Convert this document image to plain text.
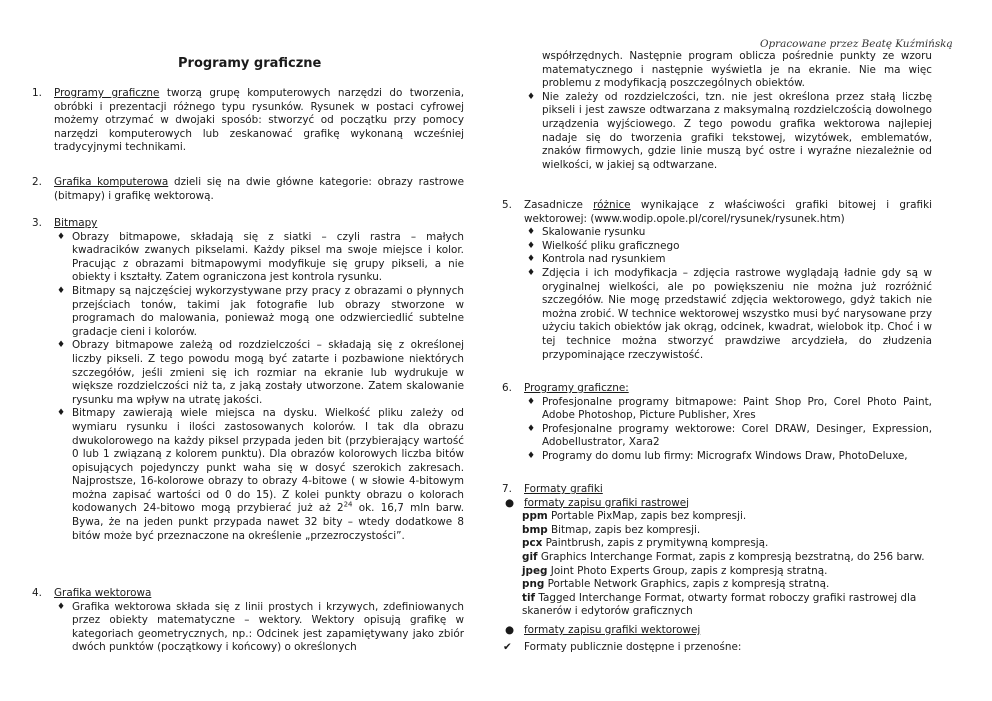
Opracowane przez Beatę Kuźmińską
Programy graficzne
1. Programy graficzne tworzą grupę komputerowych narzędzi do tworzenia, obróbki i prezentacji różnego typu rysunków. Rysunek w postaci cyfrowej możemy otrzymać w dwojaki sposób: stworzyć od początku przy pomocy narzędzi komputerowych lub zeskanować grafikę wykonaną wcześniej tradycyjnymi technikami.
2. Grafika komputerowa dzieli się na dwie główne kategorie: obrazy rastrowe (bitmapy) i grafikę wektorową.
3. Bitmapy
♦ Obrazy bitmapowe, składają się z siatki – czyli rastra – małych kwadracików zwanych pikselami. Każdy piksel ma swoje miejsce i kolor. Pracując z obrazami bitmapowymi modyfikuje się grupy pikseli, a nie obiekty i kształty. Zatem ograniczona jest kontrola rysunku.
♦ Bitmapy są najczęściej wykorzystywane przy pracy z obrazami o płynnych przejściach tonów, takimi jak fotografie lub obrazy stworzone w programach do malowania, ponieważ mogą one odzwierciedlić subtelne gradacje cieni i kolorów.
♦ Obrazy bitmapowe zależą od rozdzielczości – składają się z określonej liczby pikseli. Z tego powodu mogą być zatarte i pozbawione niektórych szczegółów, jeśli zmieni się ich rozmiar na ekranie lub wydrukuje w większe rozdzielczości niż ta, z jaką zostały utworzone. Zatem skalowanie rysunku ma wpływ na utratę jakości.
♦ Bitmapy zawierają wiele miejsca na dysku. Wielkość pliku zależy od wymiaru rysunku i ilości zastosowanych kolorów. I tak dla obrazu dwukolorowego na każdy piksel przypada jeden bit (przybierający wartość 0 lub 1 związaną z kolorem punktu). Dla obrazów kolorowych liczba bitów opisujących pojedynczy punkt waha się w dosyć szerokich zakresach. Najprostsze, 16-kolorowe obrazy to obrazy 4-bitowe ( w słowie 4-bitowym można zapisać wartości od 0 do 15). Z kolei punkty obrazu o kolorach kodowanych 24-bitowo mogą przybierać już aż $2^{24}$ ok. 16,7 mln barw. Bywa, że na jeden punkt przypada nawet 32 bity – wtedy dodatkowe 8 bitów może być przeznaczone na określenie „przezroczystości”.
4. Grafika wektorowa
♦ Grafika wektorowa składa się z linii prostych i krzywych, zdefiniowanych przez obiekty matematyczne – wektory. Wektory opisują grafikę w kategoriach geometrycznych, np.: Odcinek jest zapamiętywany jako zbiór dwóch punktów (początkowy i końcowy) o określonych
współrzędnych. Następnie program oblicza pośrednie punkty ze wzoru matematycznego i następnie wyświetla je na ekranie. Nie ma więc problemu z modyfikacją poszczególnych obiektów.
♦ Nie zależy od rozdzielczości, tzn. nie jest określona przez stałą liczbę pikseli i jest zawsze odtwarzana z maksymalną rozdzielczością dowolnego urządzenia wyjściowego. Z tego powodu grafika wektorowa najlepiej nadaje się do tworzenia grafiki tekstowej, wizytówek, emblematów, znaków firmowych, gdzie linie muszą być ostre i wyraźne niezależnie od wielkości, w jakiej są odtwarzane.
5. Zasadnicze różnice wynikające z właściwości grafiki bitowej i grafiki wektorowej: (www.wodip.opole.pl/corel/rysunek/rysunek.htm)
♦ Skalowanie rysunku
♦ Wielkość pliku graficznego
♦ Kontrola nad rysunkiem
♦ Zdjęcia i ich modyfikacja – zdjęcia rastrowe wyglądają ładnie gdy są w oryginalnej wielkości, ale po powiększeniu nie można już rozróżnić szczegółów. Nie mogę przedstawić zdjęcia wektorowego, gdyż takich nie można zrobić. W technice wektorowej wszystko musi być narysowane przy użyciu takich obiektów jak okrąg, odcinek, kwadrat, wielobok itp. Choć i w tej technice można stworzyć prawdziwe arcydzieła, do złudzenia przypominające rzeczywistość.
6. Programy graficzne:
♦ Profesjonalne programy bitmapowe: Paint Shop Pro, Corel Photo Paint, Adobe Photoshop, Picture Publisher, Xres
♦ Profesjonalne programy wektorowe: Corel DRAW, Desinger, Expression, AdobeIlustrator, Xara2
♦ Programy do domu lub firmy: Micrografx Windows Draw, PhotoDeluxe,
7. Formaty grafiki
● formaty zapisu grafiki rastrowej
ppm Portable PixMap, zapis bez kompresji.
bmp Bitmap, zapis bez kompresji.
pcx Paintbrush, zapis z prymitywną kompresją.
gif Graphics Interchange Format, zapis z kompresją bezstratną, do 256 barw.
jpeg Joint Photo Experts Group, zapis z kompresją stratną.
png Portable Network Graphics, zapis z kompresją stratną.
tif Tagged Interchange Format, otwarty format roboczy grafiki rastrowej dla skanerów i edytorów graficznych
● formaty zapisu grafiki wektorowej
✔ Formaty publicznie dostępne i przenośne:
